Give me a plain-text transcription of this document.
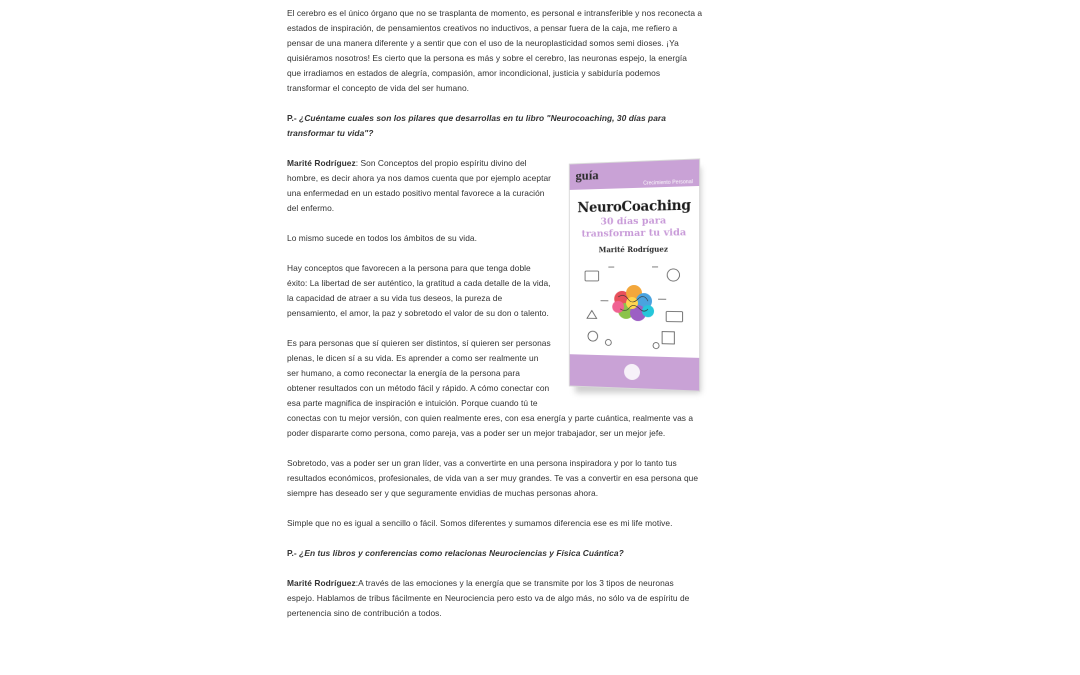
El cerebro es el único órgano que no se trasplanta de momento, es personal e intransferible y nos reconecta a estados de inspiración, de pensamientos creativos no inductivos, a pensar fuera de la caja, me refiero a pensar de una manera diferente y a sentir que con el uso de la neuroplasticidad somos semi dioses. ¡Ya quisiéramos nosotros! Es cierto que la persona es más y sobre el cerebro, las neuronas espejo, la energía que irradiamos en estados de alegría, compasión, amor incondicional, justicia y sabiduría podemos transformar el concepto de vida del ser humano.

P.- ¿Cuéntame cuales son los pilares que desarrollas en tu libro "Neurocoaching, 30 días para transformar tu vida"?

guía	Crecimiento Personal
NeuroCoaching
30 días para
transformar tu vida
Marité Rodríguez

Marité Rodríguez: Son Conceptos del propio espíritu divino del hombre, es decir ahora ya nos damos cuenta que por ejemplo aceptar una enfermedad en un estado positivo mental favorece a la curación del enfermo.

Lo mismo sucede en todos los ámbitos de su vida.

Hay conceptos que favorecen a la persona para que tenga doble éxito: La libertad de ser auténtico, la gratitud a cada detalle de la vida, la capacidad de atraer a su vida tus deseos, la pureza de pensamiento, el amor, la paz y sobretodo el valor de su don o talento.

Es para personas que sí quieren ser distintos, sí quieren ser personas plenas, le dicen sí a su vida. Es aprender a como ser realmente un ser humano, a como reconectar la energía de la persona para obtener resultados con un método fácil y rápido. A cómo conectar con esa parte magnifica de inspiración e intuición. Porque cuando tú te conectas con tu mejor versión, con quien realmente eres, con esa energía y parte cuántica, realmente vas a poder dispararte como persona, como pareja, vas a poder ser un mejor trabajador, ser un mejor jefe.

Sobretodo, vas a poder ser un gran líder, vas a convertirte en una persona inspiradora y por lo tanto tus resultados económicos, profesionales, de vida van a ser muy grandes. Te vas a convertir en esa persona que siempre has deseado ser y que seguramente envidias de muchas personas ahora.

Simple que no es igual a sencillo o fácil. Somos diferentes y sumamos diferencia ese es mi life motive.

P.- ¿En tus libros y conferencias como relacionas Neurociencias y Física Cuántica?

Marité Rodríguez:A través de las emociones y la energía que se transmite por los 3 tipos de neuronas espejo. Hablamos de tribus fácilmente en Neurociencia pero esto va de algo más, no sólo va de espíritu de pertenencia sino de contribución a todos.
